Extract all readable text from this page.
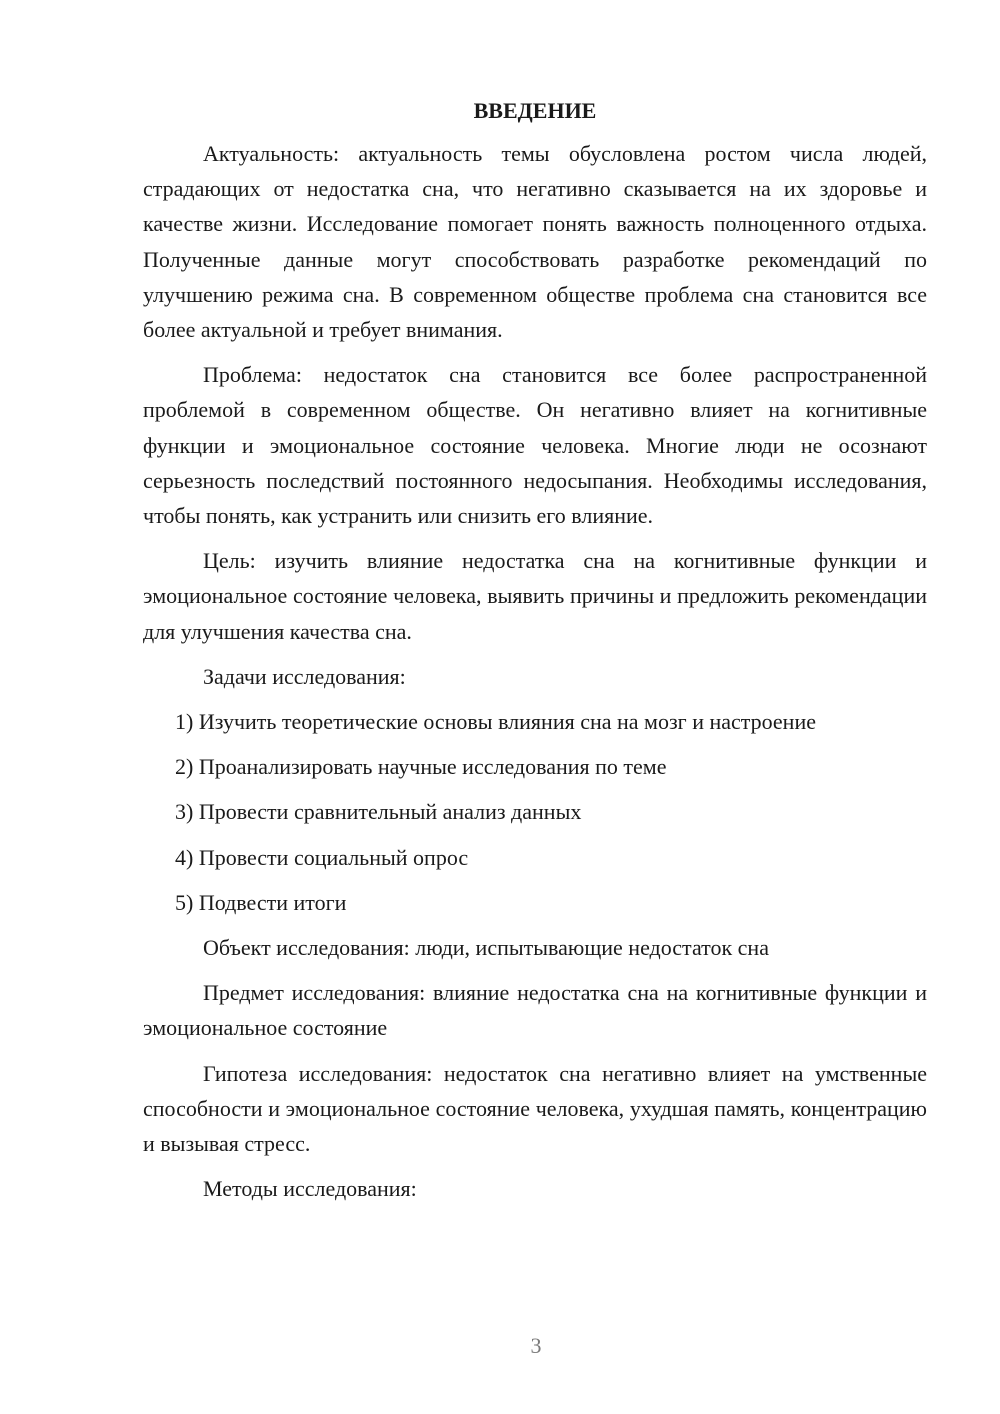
ВВЕДЕНИЕ

Актуальность: актуальность темы обусловлена ростом числа людей, страдающих от недостатка сна, что негативно сказывается на их здоровье и качестве жизни. Исследование помогает понять важность полноценного отдыха. Полученные данные могут способствовать разработке рекомендаций по улучшению режима сна. В современном обществе проблема сна становится все более актуальной и требует внимания.

Проблема: недостаток сна становится все более распространенной проблемой в современном обществе. Он негативно влияет на когнитивные функции и эмоциональное состояние человека. Многие люди не осознают серьезность последствий постоянного недосыпания. Необходимы исследования, чтобы понять, как устранить или снизить его влияние.

Цель: изучить влияние недостатка сна на когнитивные функции и эмоциональное состояние человека, выявить причины и предложить рекомендации для улучшения качества сна.

Задачи исследования:

1) Изучить теоретические основы влияния сна на мозг и настроение

2) Проанализировать научные исследования по теме

3) Провести сравнительный анализ данных

4) Провести социальный опрос

5) Подвести итоги

Объект исследования: люди, испытывающие недостаток сна

Предмет исследования: влияние недостатка сна на когнитивные функции и эмоциональное состояние

Гипотеза исследования: недостаток сна негативно влияет на умственные способности и эмоциональное состояние человека, ухудшая память, концентрацию и вызывая стресс.

Методы исследования:

3
